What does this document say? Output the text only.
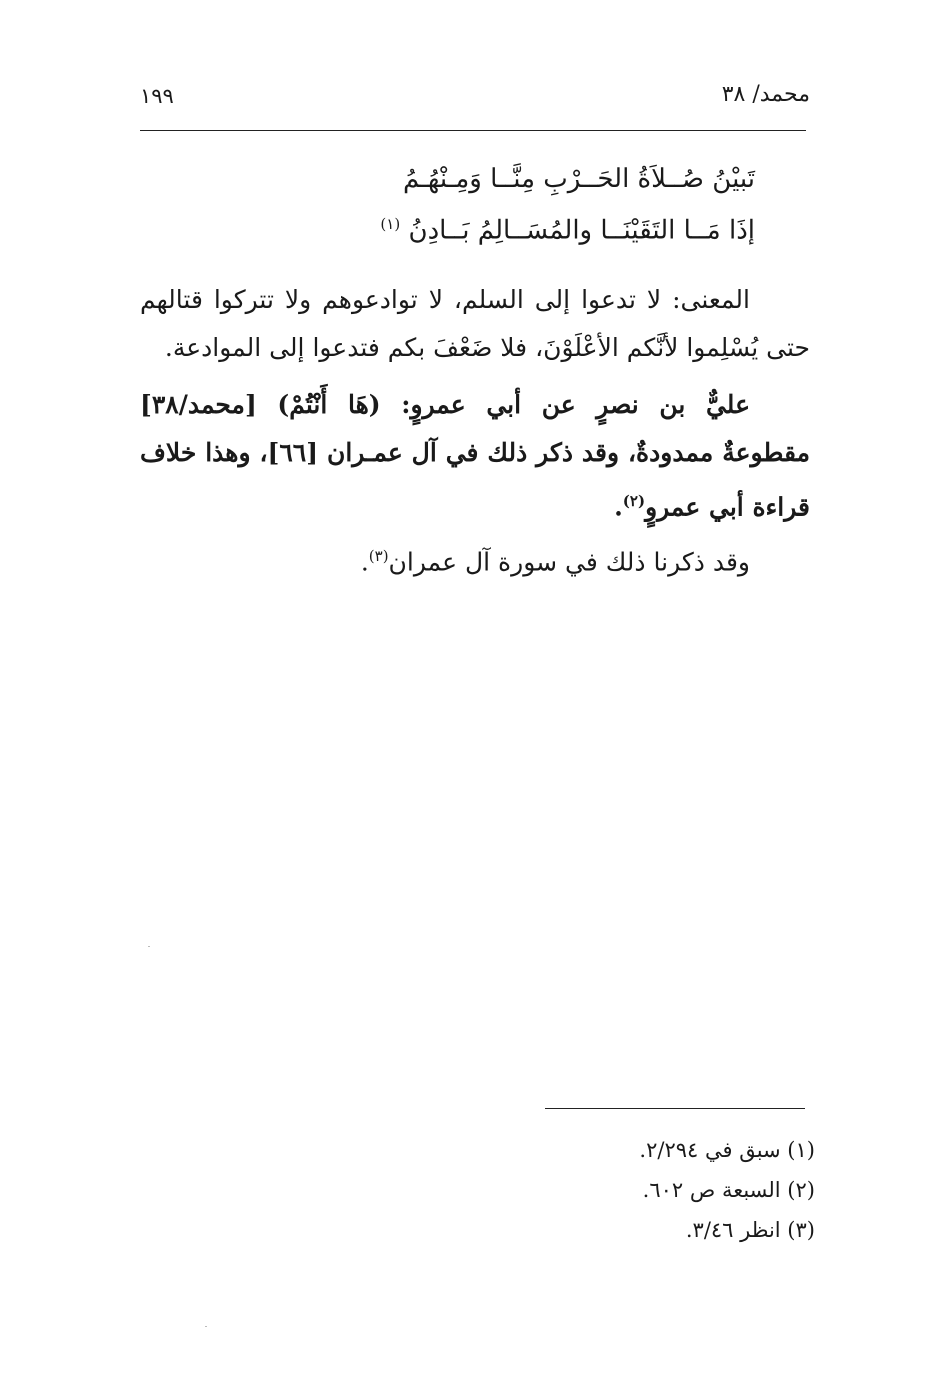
محمد/ ٣٨
١٩٩
تَبيْنُ صُــلاَةُ الحَــرْبِ مِنَّــا وَمِـنْهُـمُ
إذَا مَــا التَقَيْنَــا والمُسَــالِمُ بَــادِنُ $^{(١)}$
المعنى: لا تدعوا إلى السلم، لا توادعوهم ولا تتركوا قتالهم حتى يُسْلِموا لأنَّكم الأعْلَوْنَ، فلا ضَعْفَ بكم فتدعوا إلى الموادعة.
عليٌّ بن نصرٍ عن أبي عمروٍ: (هَا أَنْتُمْ) [محمد/٣٨] مقطوعةٌ ممدودةٌ، وقد ذكر ذلك في آل عمـران [٦٦]، وهذا خلاف قراءة أبي عمروٍ$^{(٢)}$.
وقد ذكرنا ذلك في سورة آل عمران$^{(٣)}$.
(١) سبق في ٢/٢٩٤.
(٢) السبعة ص ٦٠٢.
(٣) انظر ٣/٤٦.
